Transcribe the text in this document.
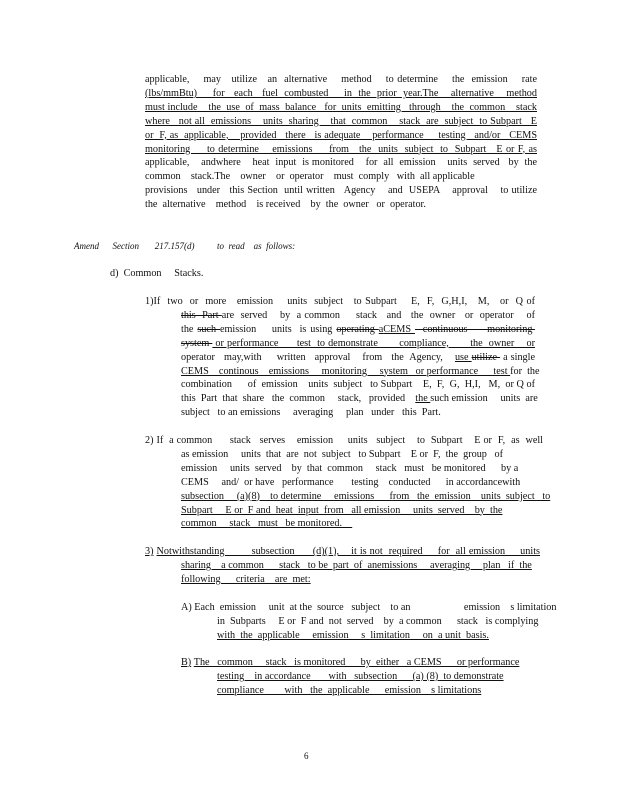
applicable,    may   utilize   an  alternative    method    to determine    the  emission    rate
(lbs/mmBtu)     for   each   fuel  combusted     in  the  prior  year.The    alternative    method
must include    the  use  of  mass  balance   for  units  emitting   through    the  common    stack
where   not all  emissions    units  sharing    that  common    stack  are  subject  to Subpart   E
or  F, as  applicable,    provided   there   is adequate    performance     testing   and/or   CEMS
monitoring     to determine    emissions     from   the  units  subject  to  Subpart   E or F, as
applicable,    andwhere    heat  input  is monitored    for  all  emission    units  served   by  the
common    stack.The    owner    or  operator    must  comply   with  all applicable
provisions   under   this Section  until written   Agency    and  USEPA    approval    to utilize
the  alternative    method    is received    by  the  owner   or  operator.
Amend      Section       217.157(d)          to  read    as  follows:
d)  Common     Stacks.
1)If  two  or  more   emission    units  subject   to Subpart    E,  F,  G,H,I,   M,   or  Q of
this  Part are  served    by  a common     stack   and   the  owner   or  operator    of
the such emission    units  is using operating aCEMS   continuous     monitoring
system  or performance      test  to demonstrate       compliance,       the  owner    or
operator   may,with     written   approval    from   the  Agency,    use utilize  a single
CEMS    continous    emissions     monitoring     system   or performance      test for  the
combination      of  emission    units  subject   to Subpart    E,  F,  G,  H,I,   M,  or Q of
this  Part  that  share   the  common     stack,   provided    the such emission     units  are
subject   to an emissions     averaging     plan   under   this  Part.
2) If  a common      stack   serves    emission     units   subject    to  Subpart    E or  F,  as  well
as emission     units  that  are  not  subject   to Subpart    E or  F,  the  group   of
emission     units  served    by  that  common     stack   must   be monitored      by a
CEMS     and/  or have   performance       testing    conducted      in accordancewith
subsection     (a)(8)    to determine     emissions      from   the  emission    units  subject   to
Subpart     E or  F and  heat  input  from   all emission     units  served    by  the
common     stack   must   be monitored.
3) Notwithstanding         subsection      (d)(1),    it is not  required     for  all emission     units
sharing    a common      stack   to be  part  of  anemissions     averaging     plan   if  the
following      criteria    are  met:
A) Each  emission     unit  at the  source   subject    to an                     emission    s limitation
in  Subparts     E or  F and  not  served    by  a common      stack   is complying
with  the  applicable     emission     s  limitation     on  a unit  basis.
B) The   common     stack   is monitored      by  either   a CEMS      or performance
testing    in accordance       with   subsection      (a) (8)  to demonstrate
compliance        with   the  applicable      emission    s limitations
6
